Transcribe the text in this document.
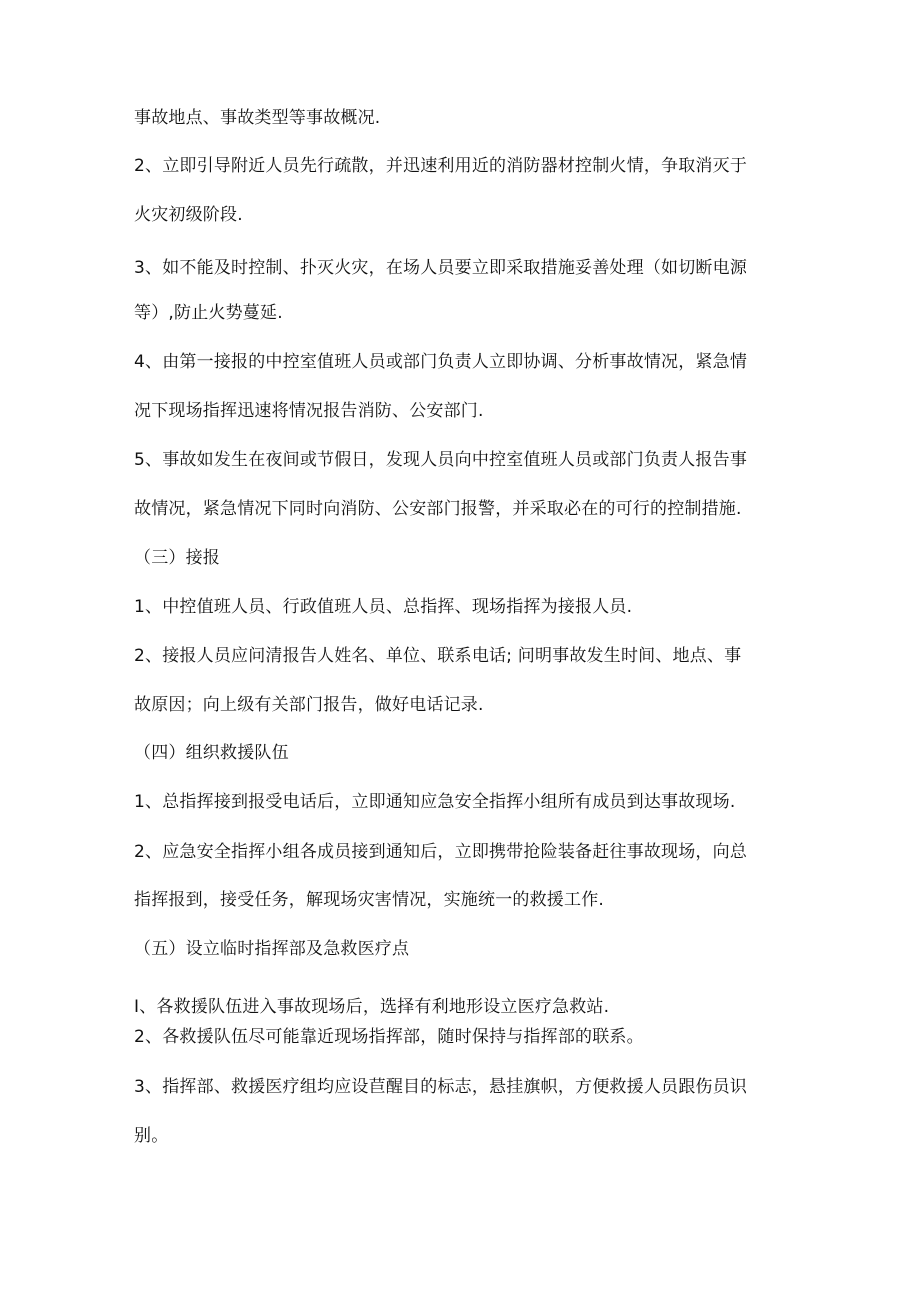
事故地点、事故类型等事故概况.
2、立即引导附近人员先行疏散，并迅速利用近的消防器材控制火情，争取消灭于
火灾初级阶段.
3、如不能及时控制、扑灭火灾，在场人员要立即采取措施妥善处理（如切断电源
等）,防止火势蔓延.
4、由第一接报的中控室值班人员或部门负责人立即协调、分析事故情况，紧急情
况下现场指挥迅速将情况报告消防、公安部门.
5、事故如发生在夜间或节假日，发现人员向中控室值班人员或部门负责人报告事
故情况，紧急情况下同时向消防、公安部门报警，并采取必在的可行的控制措施.
（三）接报
1、中控值班人员、行政值班人员、总指挥、现场指挥为接报人员.
2、接报人员应问清报告人姓名、单位、联系电话; 问明事故发生时间、地点、事
故原因；向上级有关部门报告，做好电话记录.
（四）组织救援队伍
1、总指挥接到报受电话后，立即通知应急安全指挥小组所有成员到达事故现场.
2、应急安全指挥小组各成员接到通知后，立即携带抢险装备赶往事故现场，向总
指挥报到，接受任务，解现场灾害情况，实施统一的救援工作.
（五）设立临时指挥部及急救医疗点
I、各救援队伍进入事故现场后，选择有利地形设立医疗急救站.
2、各救援队伍尽可能靠近现场指挥部，随时保持与指挥部的联系。
3、指挥部、救援医疗组均应设苣醒目的标志，悬挂旗帜，方便救援人员跟伤员识
别。
